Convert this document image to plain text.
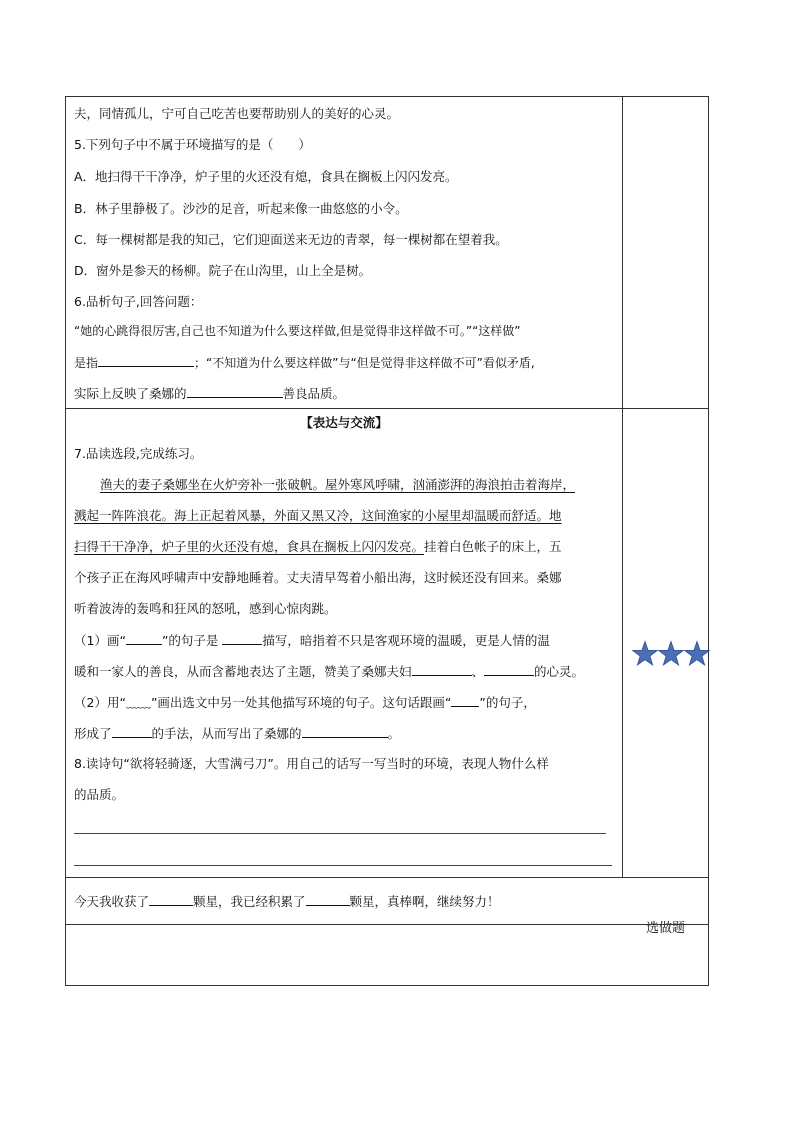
夫，同情孤儿，宁可自己吃苦也要帮助别人的美好的心灵。
5.下列句子中不属于环境描写的是（　　）
A．地扫得干干净净，炉子里的火还没有熄，食具在搁板上闪闪发亮。
B．林子里静极了。沙沙的足音，听起来像一曲悠悠的小令。
C．每一棵树都是我的知己，它们迎面送来无边的青翠，每一棵树都在望着我。
D．窗外是参天的杨柳。院子在山沟里，山上全是树。
6.品析句子,回答问题：
“她的心跳得很厉害,自己也不知道为什么要这样做,但是觉得非这样做不可。”“这样做”
是指	；“不知道为什么要这样做”与“但是觉得非这样做不可”看似矛盾,
实际上反映了桑娜的	善良品质。
【表达与交流】
7.品读选段,完成练习。
渔夫的妻子桑娜坐在火炉旁补一张破帆。屋外寒风呼啸，汹涌澎湃的海浪拍击着海岸，
溅起一阵阵浪花。海上正起着风暴，外面又黑又冷，这间渔家的小屋里却温暖而舒适。地
扫得干干净净，炉子里的火还没有熄，食具在搁板上闪闪发亮。挂着白色帐子的床上，五
个孩子正在海风呼啸声中安静地睡着。丈夫清早驾着小船出海，这时候还没有回来。桑娜
听着波涛的轰鸣和狂风的怒吼，感到心惊肉跳。
（1）画“	”的句子是	描写，暗指着不只是客观环境的温暖，更是人情的温
暖和一家人的善良，从而含蓄地表达了主题，赞美了桑娜夫妇	、	的心灵。
（2）用“﹏﹏”画出选文中另一处其他描写环境的句子。这句话跟画“ ”的句子，
形成了	的手法，从而写出了桑娜的	。
8.读诗句“欲将轻骑逐，大雪满弓刀”。用自己的话写一写当时的环境，表现人物什么样
的品质。
选做题
今天我收获了	颗星，我已经积累了	颗星，真棒啊，继续努力！
